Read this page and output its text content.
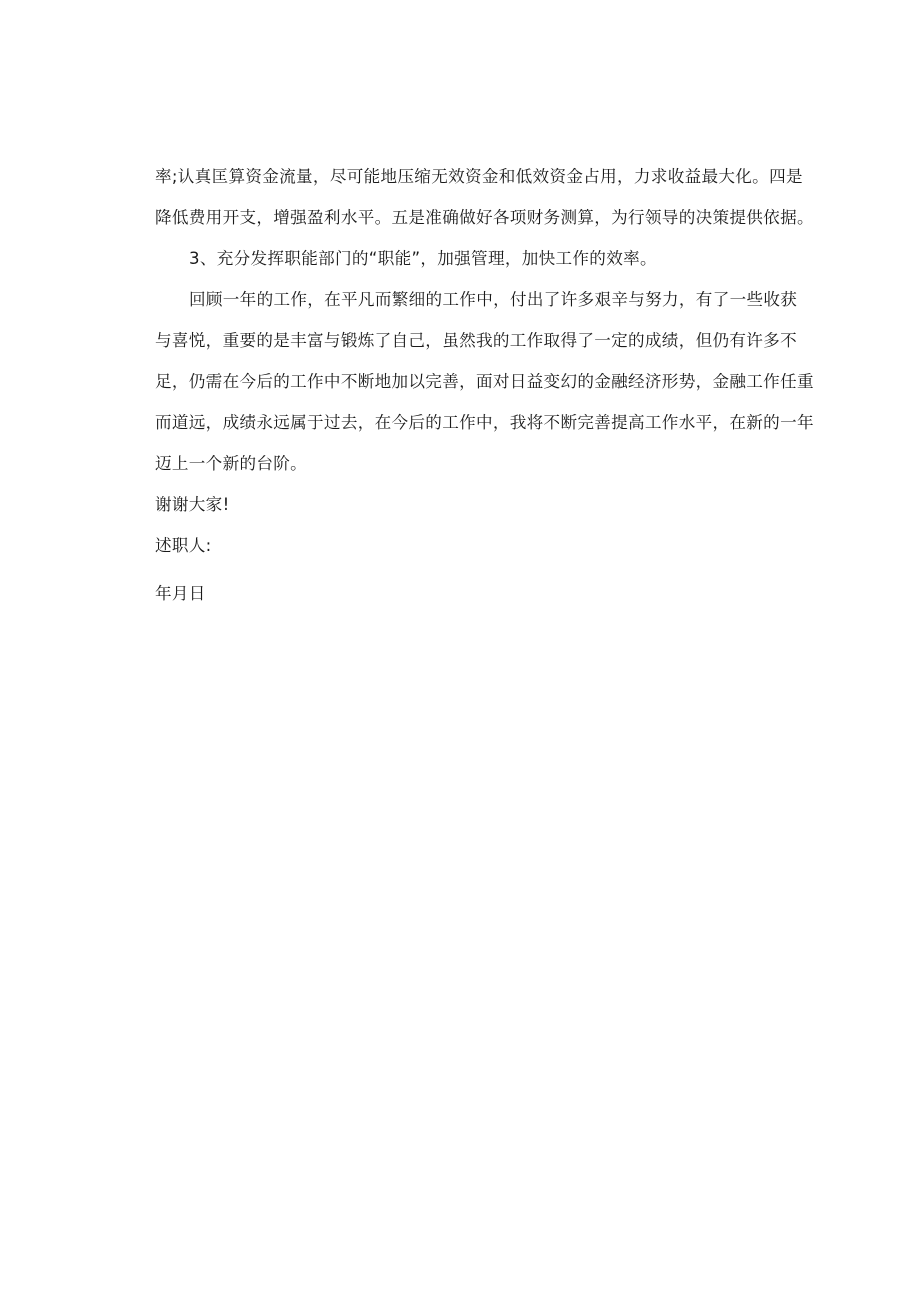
率;认真匡算资金流量，尽可能地压缩无效资金和低效资金占用，力求收益最大化。四是
降低费用开支，增强盈利水平。五是准确做好各项财务测算，为行领导的决策提供依据。

3、充分发挥职能部门的“职能”，加强管理，加快工作的效率。

回顾一年的工作，在平凡而繁细的工作中，付出了许多艰辛与努力，有了一些收获
与喜悦，重要的是丰富与锻炼了自己，虽然我的工作取得了一定的成绩，但仍有许多不
足，仍需在今后的工作中不断地加以完善，面对日益变幻的金融经济形势，金融工作任重
而道远，成绩永远属于过去，在今后的工作中，我将不断完善提高工作水平，在新的一年
迈上一个新的台阶。

谢谢大家!

述职人:

年月日
